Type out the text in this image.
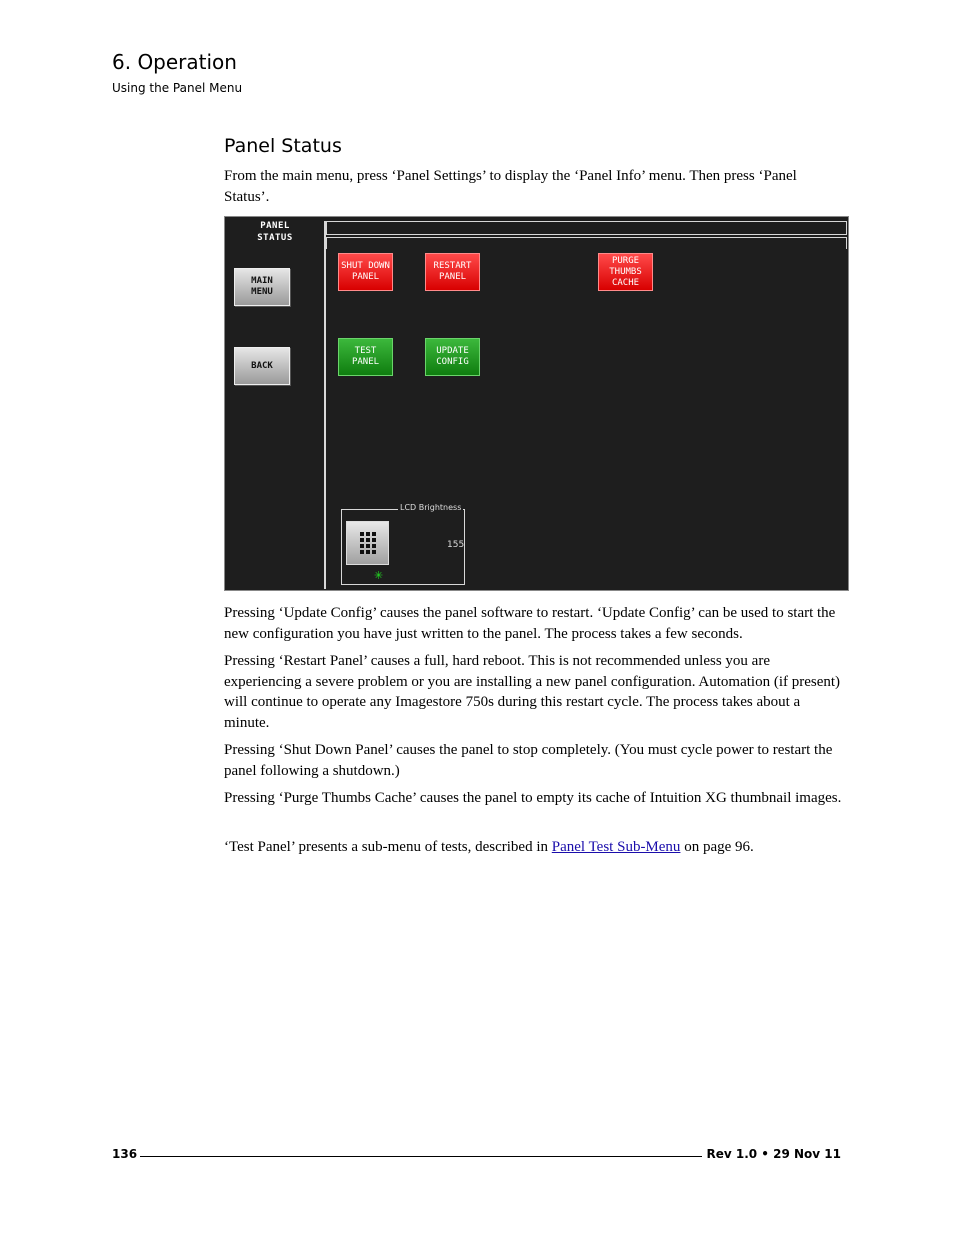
6. Operation
Using the Panel Menu
Panel Status

From the main menu, press ‘Panel Settings’ to display the ‘Panel Info’ menu. Then press ‘Panel Status’.

PANEL
STATUS
MAIN
MENU
BACK
SHUT DOWN
PANEL
RESTART
PANEL
PURGE
THUMBS
CACHE
TEST
PANEL
UPDATE
CONFIG
LCD Brightness
155
✳

Pressing ‘Update Config’ causes the panel software to restart. ‘Update Config’ can be used to start the new configuration you have just written to the panel. The process takes a few seconds.

Pressing ‘Restart Panel’ causes a full, hard reboot. This is not recommended unless you are experiencing a severe problem or you are installing a new panel configuration. Automation (if present) will continue to operate any Imagestore 750s during this restart cycle. The process takes about a minute.

Pressing ‘Shut Down Panel’ causes the panel to stop completely. (You must cycle power to restart the panel following a shutdown.)

Pressing ‘Purge Thumbs Cache’ causes the panel to empty its cache of Intuition XG thumbnail images.

‘Test Panel’ presents a sub-menu of tests, described in Panel Test Sub-Menu on page 96.

136	Rev 1.0 • 29 Nov 11
